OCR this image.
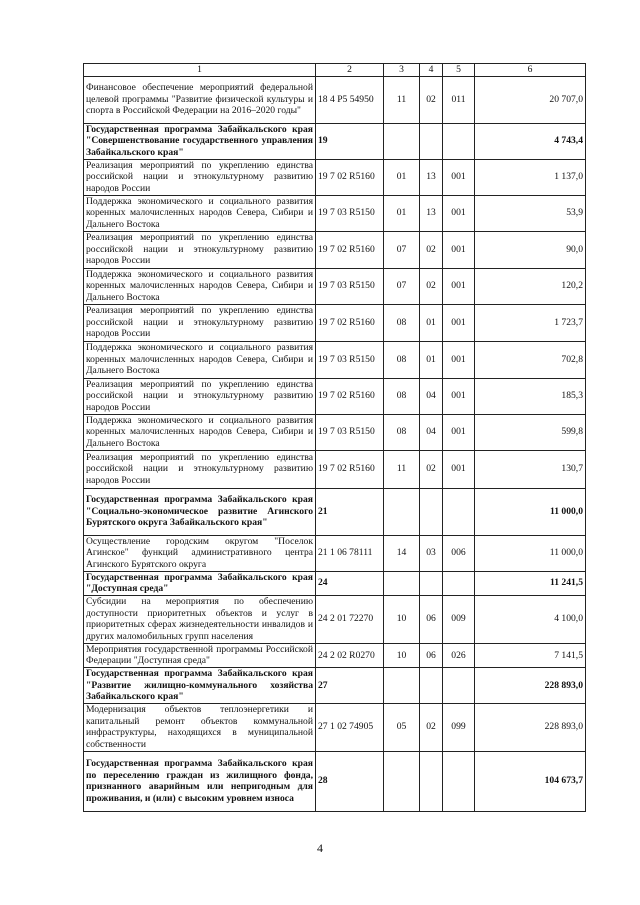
1	2	3	4	5	6
Финансовое обеспечение мероприятий федеральной целевой программы "Развитие физической культуры и спорта в Российской Федерации на 2016–2020 годы"	18 4 P5 54950	11	02	011	20 707,0
Государственная программа Забайкальского края "Совершенствование государственного управления Забайкальского края"	19				4 743,4
Реализация мероприятий по укреплению единства российской нации и этнокультурному развитию народов России	19 7 02 R5160	01	13	001	1 137,0
Поддержка экономического и социального развития коренных малочисленных народов Севера, Сибири и Дальнего Востока	19 7 03 R5150	01	13	001	53,9
Реализация мероприятий по укреплению единства российской нации и этнокультурному развитию народов России	19 7 02 R5160	07	02	001	90,0
Поддержка экономического и социального развития коренных малочисленных народов Севера, Сибири и Дальнего Востока	19 7 03 R5150	07	02	001	120,2
Реализация мероприятий по укреплению единства российской нации и этнокультурному развитию народов России	19 7 02 R5160	08	01	001	1 723,7
Поддержка экономического и социального развития коренных малочисленных народов Севера, Сибири и Дальнего Востока	19 7 03 R5150	08	01	001	702,8
Реализация мероприятий по укреплению единства российской нации и этнокультурному развитию народов России	19 7 02 R5160	08	04	001	185,3
Поддержка экономического и социального развития коренных малочисленных народов Севера, Сибири и Дальнего Востока	19 7 03 R5150	08	04	001	599,8
Реализация мероприятий по укреплению единства российской нации и этнокультурному развитию народов России	19 7 02 R5160	11	02	001	130,7
Государственная программа Забайкальского края "Социально-экономическое развитие Агинского Бурятского округа Забайкальского края"	21				11 000,0
Осуществление городским округом "Поселок Агинское" функций административного центра Агинского Бурятского округа	21 1 06 78111	14	03	006	11 000,0
Государственная программа Забайкальского края "Доступная среда"	24				11 241,5
Субсидии на мероприятия по обеспечению доступности приоритетных объектов и услуг в приоритетных сферах жизнедеятельности инвалидов и других маломобильных групп населения	24 2 01 72270	10	06	009	4 100,0
Мероприятия государственной программы Российской Федерации "Доступная среда"	24 2 02 R0270	10	06	026	7 141,5
Государственная программа Забайкальского края "Развитие жилищно-коммунального хозяйства Забайкальского края"	27				228 893,0
Модернизация объектов теплоэнергетики и капитальный ремонт объектов коммунальной инфраструктуры, находящихся в муниципальной собственности	27 1 02 74905	05	02	099	228 893,0
Государственная программа Забайкальского края по переселению граждан из жилищного фонда, признанного аварийным или непригодным для проживания, и (или) с высоким уровнем износа	28				104 673,7
4
